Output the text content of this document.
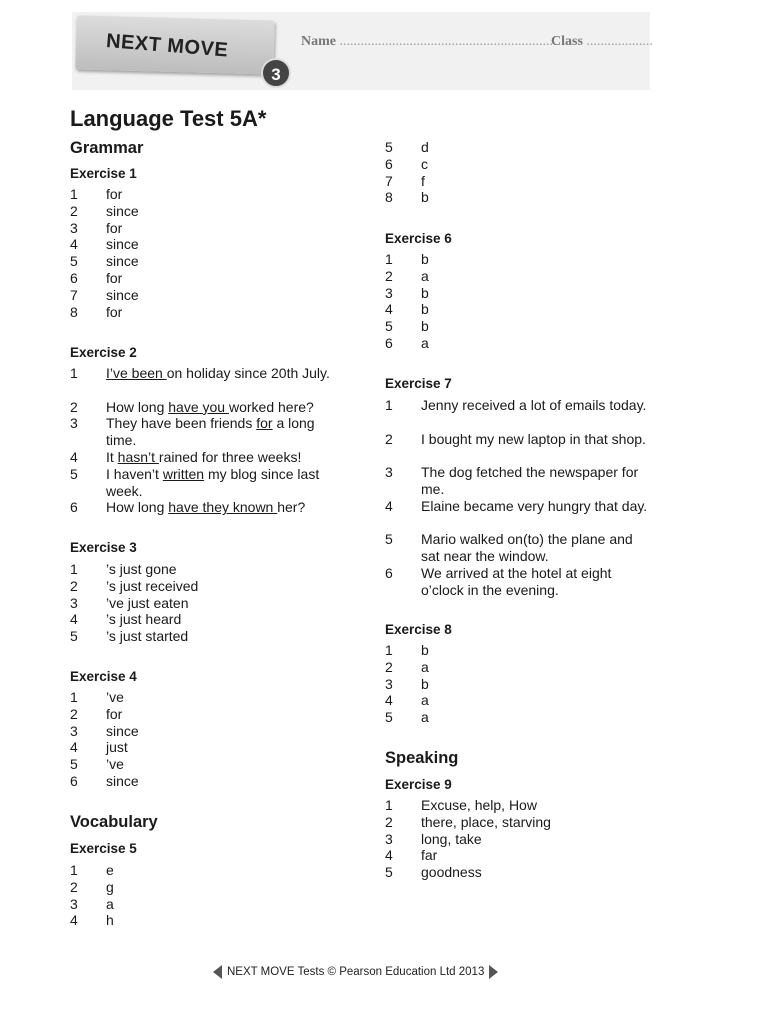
NEXT MOVE
3
Name ..............................................................
Class ...................
Language Test 5A*
Grammar
Exercise 1
1	for
2	since
3	for
4	since
5	since
6	for
7	since
8	for
Exercise 2
1	I’ve been on holiday since 20th July.
2	How long have you worked here?
3	They have been friends for a long time.
4	It hasn’t rained for three weeks!
5	I haven’t written my blog since last week.
6	How long have they known her?
Exercise 3
1	’s just gone
2	’s just received
3	’ve just eaten
4	’s just heard
5	’s just started
Exercise 4
1	’ve
2	for
3	since
4	just
5	’ve
6	since
Vocabulary
Exercise 5
1	e
2	g
3	a
4	h
5	d
6	c
7	f
8	b
Exercise 6
1	b
2	a
3	b
4	b
5	b
6	a
Exercise 7
1	Jenny received a lot of emails today.
2	I bought my new laptop in that shop.
3	The dog fetched the newspaper for me.
4	Elaine became very hungry that day.
5	Mario walked on(to) the plane and sat near the window.
6	We arrived at the hotel at eight o’clock in the evening.
Exercise 8
1	b
2	a
3	b
4	a
5	a
Speaking
Exercise 9
1	Excuse, help, How
2	there, place, starving
3	long, take
4	far
5	goodness
NEXT MOVE Tests © Pearson Education Ltd 2013
